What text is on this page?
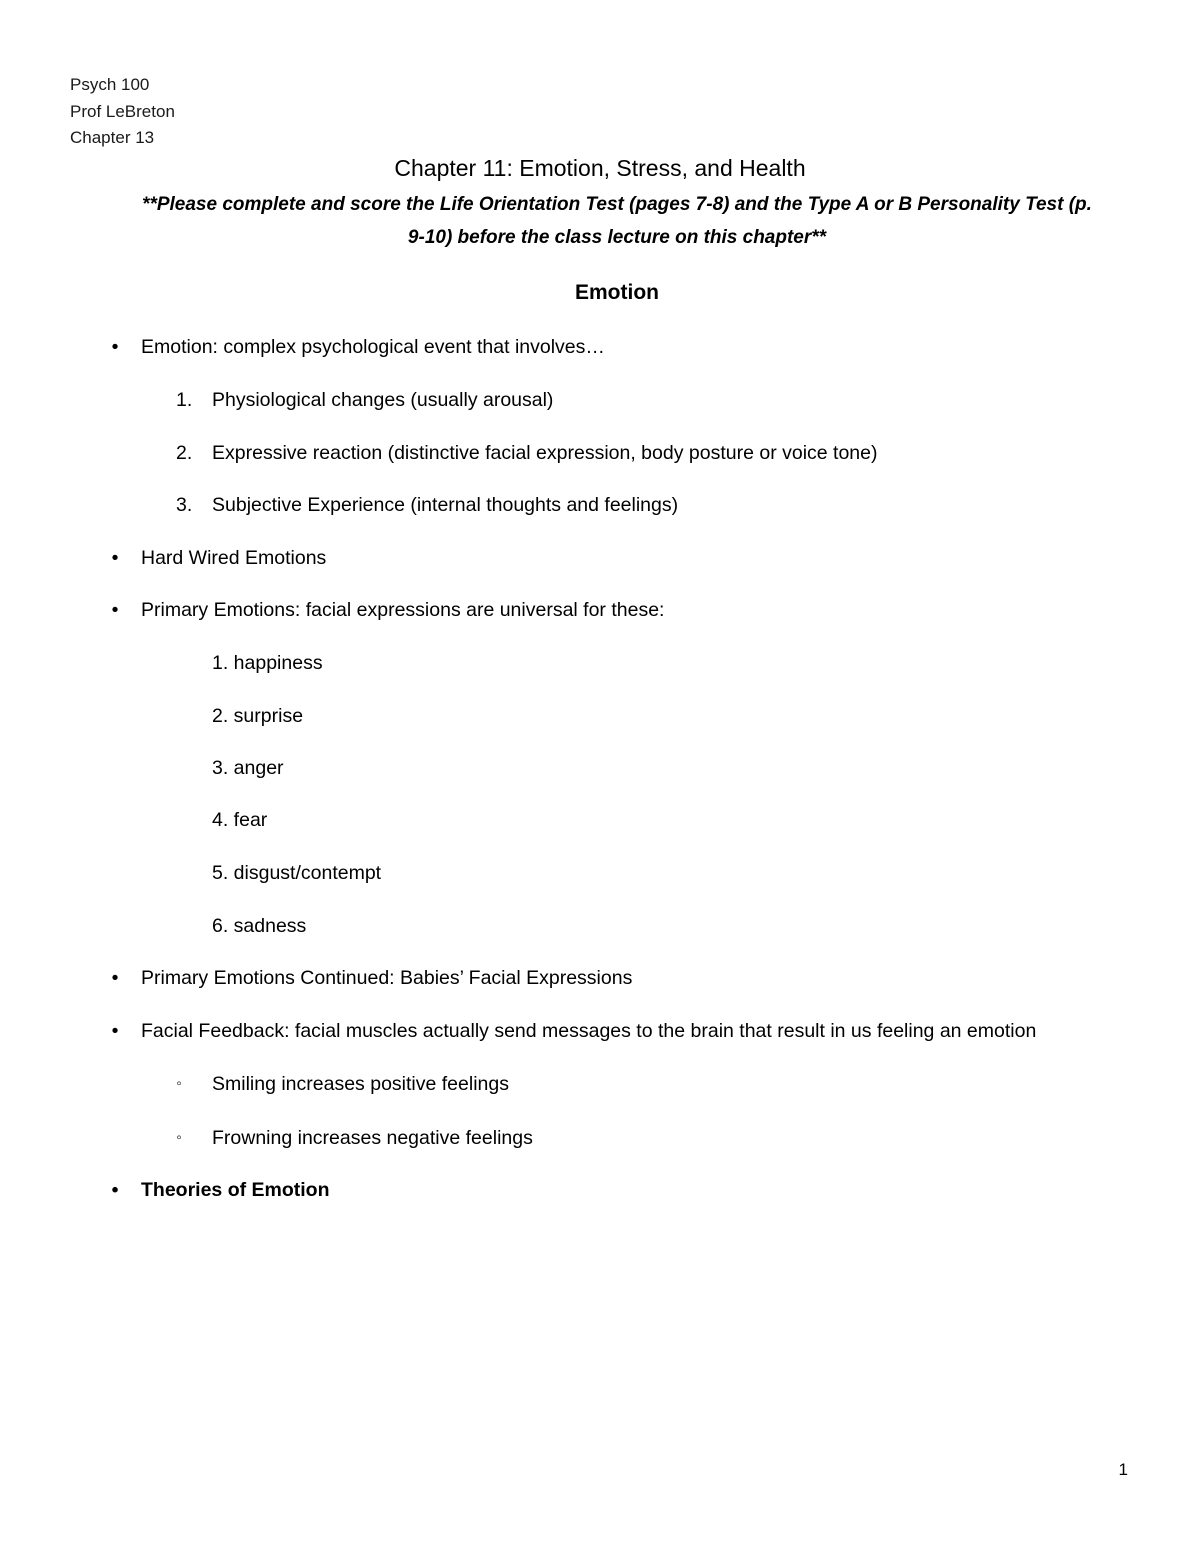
Psych 100
Prof LeBreton
Chapter 13
Chapter 11: Emotion, Stress, and Health
**Please complete and score the Life Orientation Test (pages 7-8) and the Type A or B Personality Test (p.
9-10) before the class lecture on this chapter**
Emotion
• Emotion: complex psychological event that involves…
1. Physiological changes (usually arousal)
2. Expressive reaction (distinctive facial expression, body posture or voice tone)
3. Subjective Experience (internal thoughts and feelings)
• Hard Wired Emotions
• Primary Emotions: facial expressions are universal for these:
1. happiness
2. surprise
3. anger
4. fear
5. disgust/contempt
6. sadness
• Primary Emotions Continued: Babies’ Facial Expressions
• Facial Feedback: facial muscles actually send messages to the brain that result in us feeling an emotion
◦	Smiling increases positive feelings
◦	Frowning increases negative feelings
• Theories of Emotion
1
